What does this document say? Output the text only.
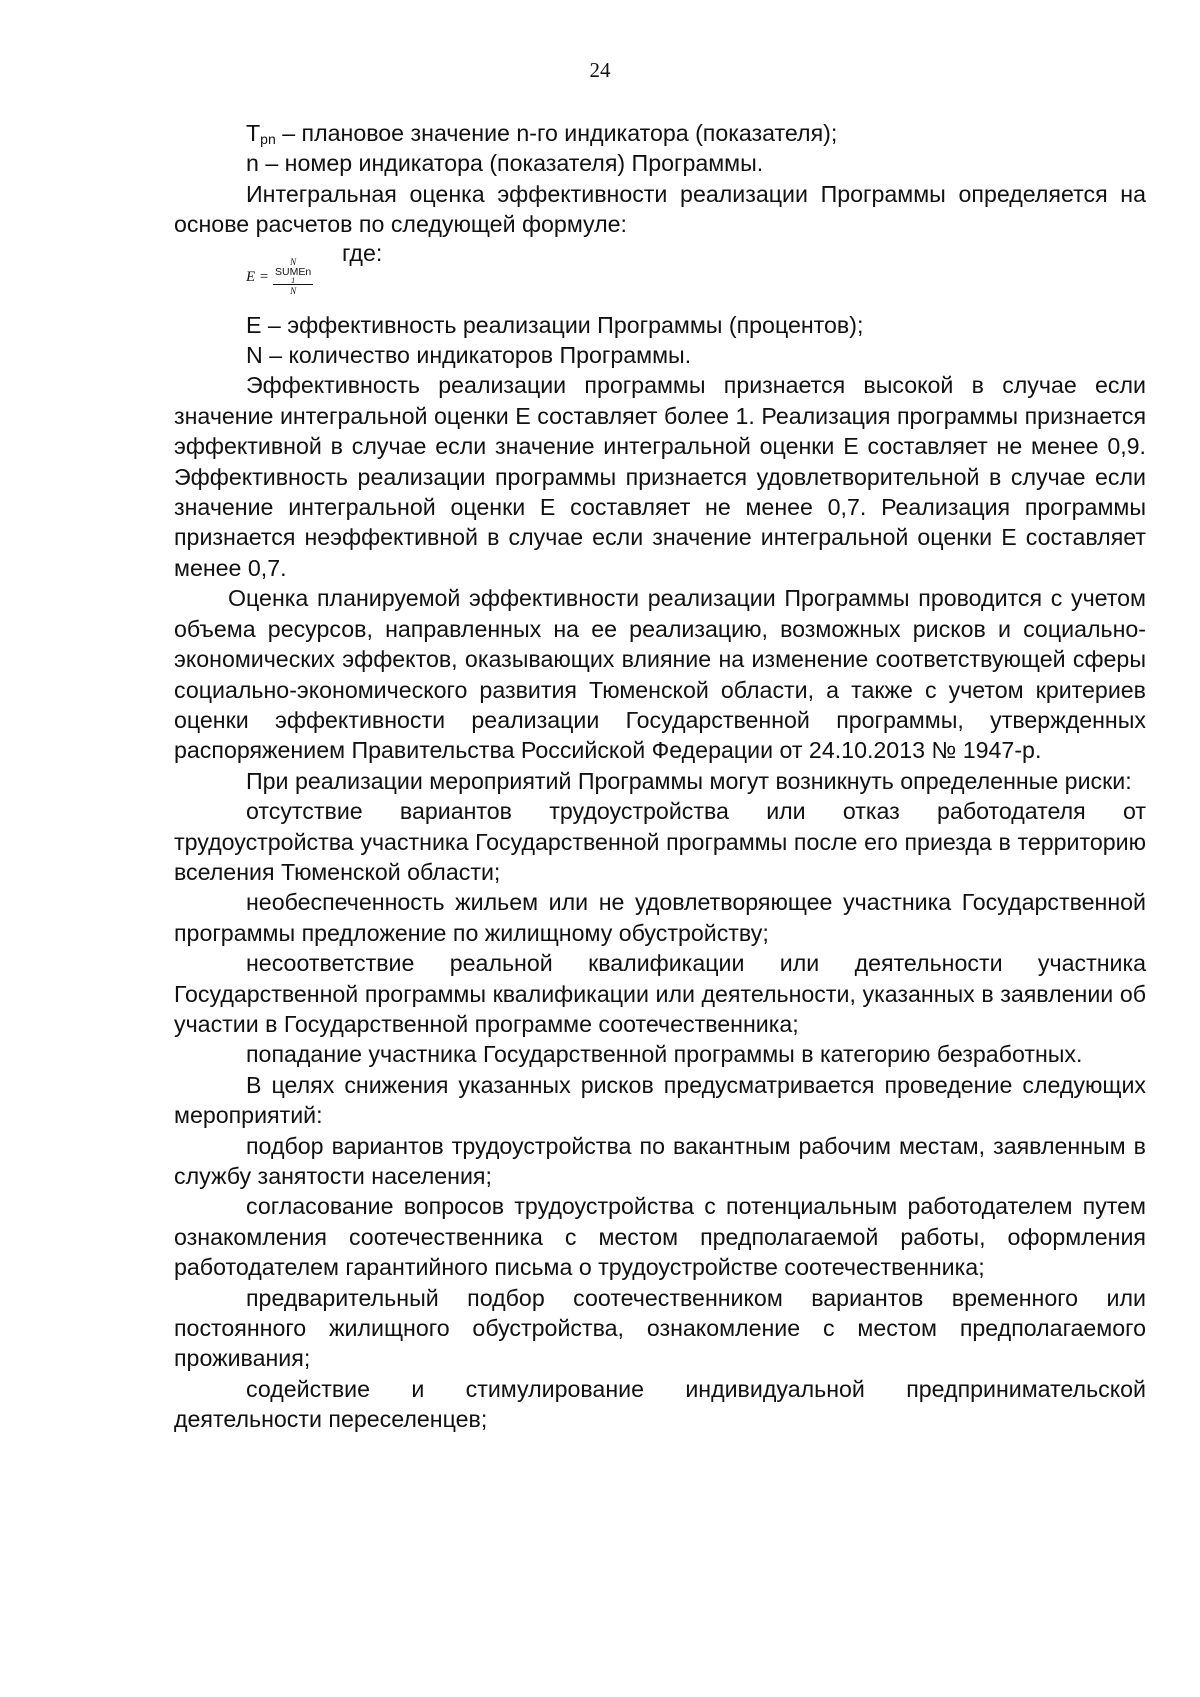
24

$T_{pn}$ – плановое значение n-го индикатора (показателя);

n – номер индикатора (показателя) Программы.

Интегральная оценка эффективности реализации Программы определяется на основе расчетов по следующей формуле:

где:
E = N
SUMEn
1
N

E – эффективность реализации Программы (процентов);

N – количество индикаторов Программы.

Эффективность реализации программы признается высокой в случае если значение интегральной оценки Е составляет более 1. Реализация программы признается эффективной в случае если значение интегральной оценки Е составляет не менее 0,9. Эффективность реализации программы признается удовлетворительной в случае если значение интегральной оценки Е составляет не менее 0,7. Реализация программы признается неэффективной в случае если значение интегральной оценки Е составляет менее 0,7.

Оценка планируемой эффективности реализации Программы проводится с учетом объема ресурсов, направленных на ее реализацию, возможных рисков и социально-экономических эффектов, оказывающих влияние на изменение соответствующей сферы социально-экономического развития Тюменской области, а также с учетом критериев оценки эффективности реализации Государственной программы, утвержденных распоряжением Правительства Российской Федерации от 24.10.2013 № 1947-р.

При реализации мероприятий Программы могут возникнуть определенные риски:

отсутствие вариантов трудоустройства или отказ работодателя от трудоустройства участника Государственной программы после его приезда в территорию вселения Тюменской области;

необеспеченность жильем или не удовлетворяющее участника Государственной программы предложение по жилищному обустройству;

несоответствие реальной квалификации или деятельности участника Государственной программы квалификации или деятельности, указанных в заявлении об участии в Государственной программе соотечественника;

попадание участника Государственной программы в категорию безработных.

В целях снижения указанных рисков предусматривается проведение следующих мероприятий:

подбор вариантов трудоустройства по вакантным рабочим местам, заявленным в службу занятости населения;

согласование вопросов трудоустройства с потенциальным работодателем путем ознакомления соотечественника с местом предполагаемой работы, оформления работодателем гарантийного письма о трудоустройстве соотечественника;

предварительный подбор соотечественником вариантов временного или постоянного жилищного обустройства, ознакомление с местом предполагаемого проживания;

содействие и стимулирование индивидуальной предпринимательской деятельности переселенцев;
